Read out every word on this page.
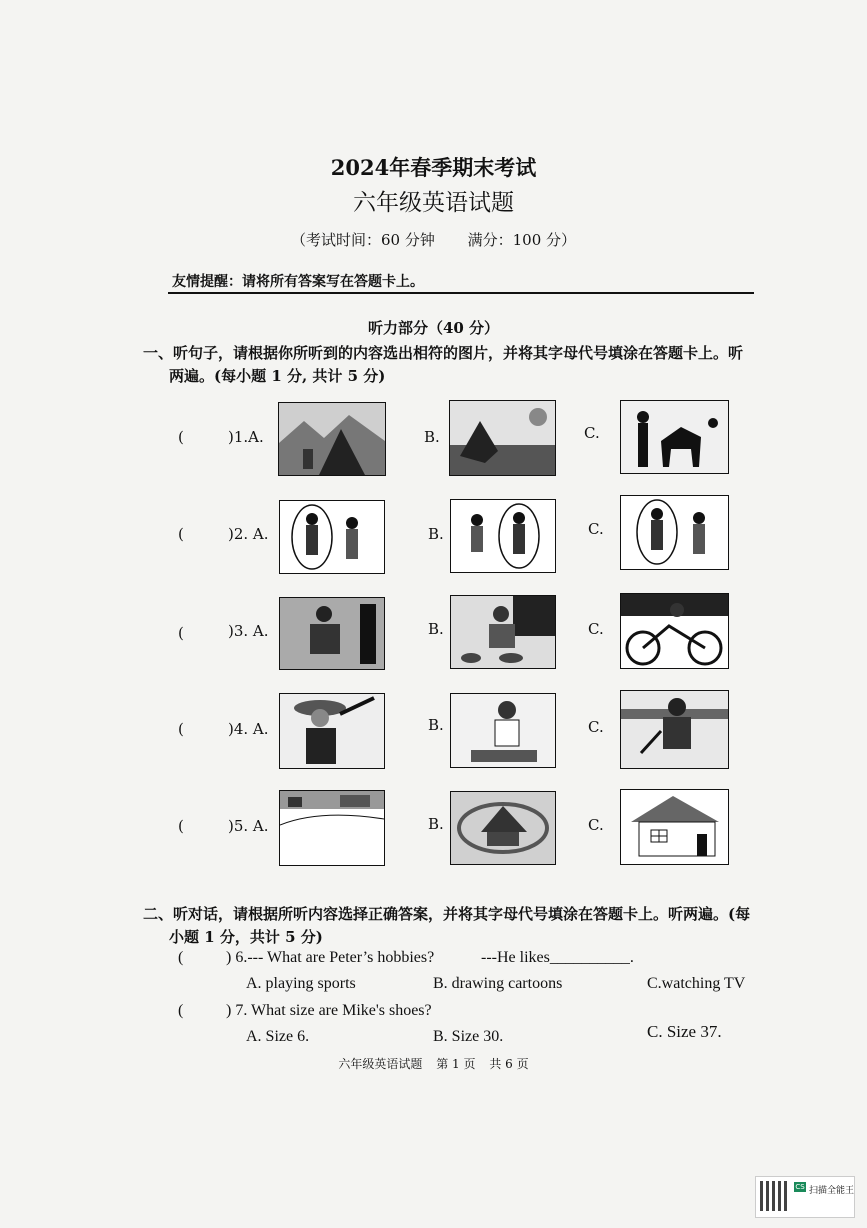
2024年春季期末考试
六年级英语试题
（考试时间：60 分钟 满分：100 分）
友情提醒：请将所有答案写在答题卡上。
听力部分（40 分）
一、听句子，请根据你所听到的内容选出相符的图片，并将其字母代号填涂在答题卡上。听
两遍。(每小题 1 分, 共计 5 分)
(	)1.A.	B.	C.
(	)2. A.	B.	C.
(	)3. A.	B.	C.
(	)4. A.	B.	C.
(	)5. A.	B.	C.
二、听对话，请根据所听内容选择正确答案，并将其字母代号填涂在答题卡上。听两遍。(每
小题 1 分，共计 5 分)
(	) 6.--- What are Peter’s hobbies?	---He likes__________.
A. playing sports	B. drawing cartoons	C.watching TV
(	) 7. What size are Mike's shoes?
A. Size 6.	B. Size 30.	C. Size 37.
六年级英语试题 第 1 页 共 6 页
CS 扫描全能王
